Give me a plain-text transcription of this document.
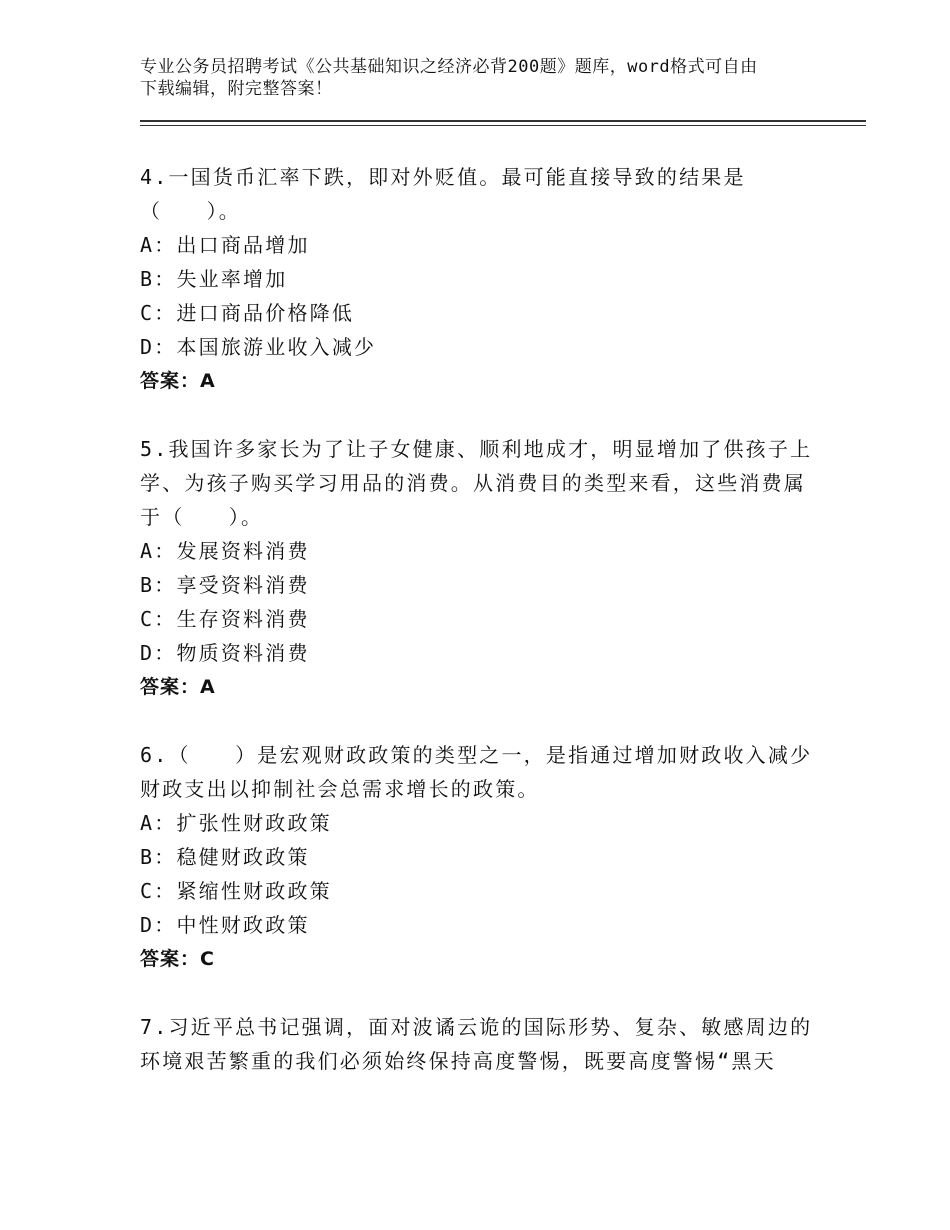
专业公务员招聘考试《公共基础知识之经济必背200题》题库，word格式可自由
下载编辑，附完整答案！
4.一国货币汇率下跌，即对外贬值。最可能直接导致的结果是
（　　）。
A：出口商品增加
B：失业率增加
C：进口商品价格降低
D：本国旅游业收入减少
答案：A
5.我国许多家长为了让子女健康、顺利地成才，明显增加了供孩子上
学、为孩子购买学习用品的消费。从消费目的类型来看，这些消费属
于（　　）。
A：发展资料消费
B：享受资料消费
C：生存资料消费
D：物质资料消费
答案：A
6.（　　）是宏观财政政策的类型之一，是指通过增加财政收入减少
财政支出以抑制社会总需求增长的政策。
A：扩张性财政政策
B：稳健财政政策
C：紧缩性财政政策
D：中性财政政策
答案：C
7.习近平总书记强调，面对波谲云诡的国际形势、复杂、敏感周边的
环境艰苦繁重的我们必须始终保持高度警惕，既要高度警惕“黑天
